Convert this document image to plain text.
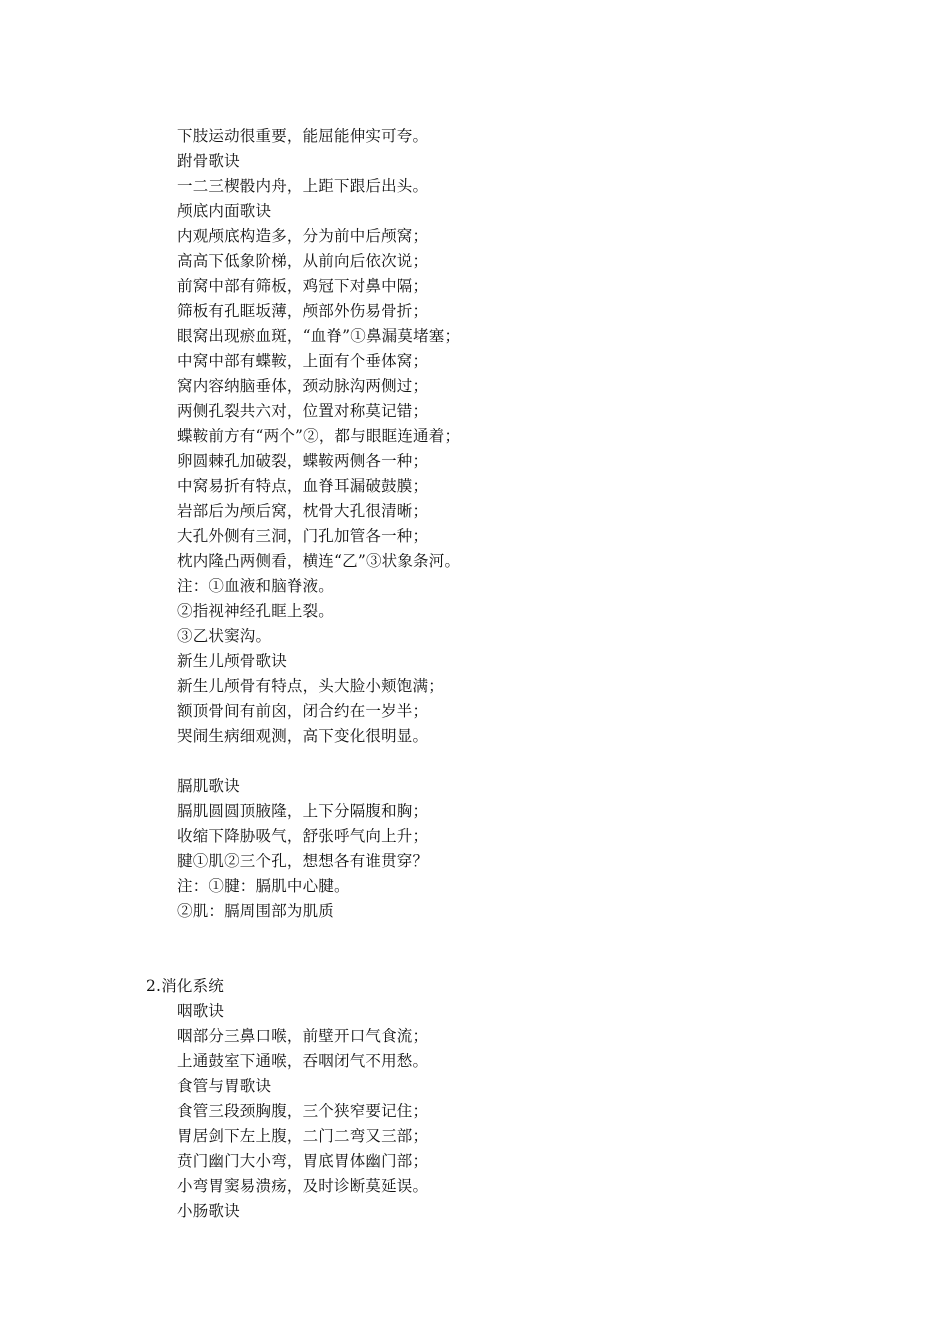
下肢运动很重要，能屈能伸实可夸。
跗骨歌诀
一二三楔骰内舟，上距下跟后出头。
颅底内面歌诀
内观颅底构造多，分为前中后颅窝；
高高下低象阶梯，从前向后依次说；
前窝中部有筛板，鸡冠下对鼻中隔；
筛板有孔眶坂薄，颅部外伤易骨折；
眼窝出现瘀血斑，“血脊”①鼻漏莫堵塞；
中窝中部有蝶鞍，上面有个垂体窝；
窝内容纳脑垂体，颈动脉沟两侧过；
两侧孔裂共六对，位置对称莫记错；
蝶鞍前方有“两个”②，都与眼眶连通着；
卵圆棘孔加破裂，蝶鞍两侧各一种；
中窝易折有特点，血脊耳漏破鼓膜；
岩部后为颅后窝，枕骨大孔很清晰；
大孔外侧有三洞，门孔加管各一种；
枕内隆凸两侧看，横连“乙”③状象条河。
注：①血液和脑脊液。
②指视神经孔眶上裂。
③乙状窦沟。
新生儿颅骨歌诀
新生儿颅骨有特点，头大脸小颊饱满；
额顶骨间有前囟，闭合约在一岁半；
哭闹生病细观测，高下变化很明显。
膈肌歌诀
膈肌圆圆顶腋隆，上下分隔腹和胸；
收缩下降胁吸气，舒张呼气向上升；
腱①肌②三个孔，想想各有谁贯穿？
注：①腱：膈肌中心腱。
②肌：膈周围部为肌质
2.消化系统
咽歌诀
咽部分三鼻口喉，前壁开口气食流；
上通鼓室下通喉，吞咽闭气不用愁。
食管与胃歌诀
食管三段颈胸腹，三个狭窄要记住；
胃居剑下左上腹，二门二弯又三部；
贲门幽门大小弯，胃底胃体幽门部；
小弯胃窦易溃疡，及时诊断莫延误。
小肠歌诀
